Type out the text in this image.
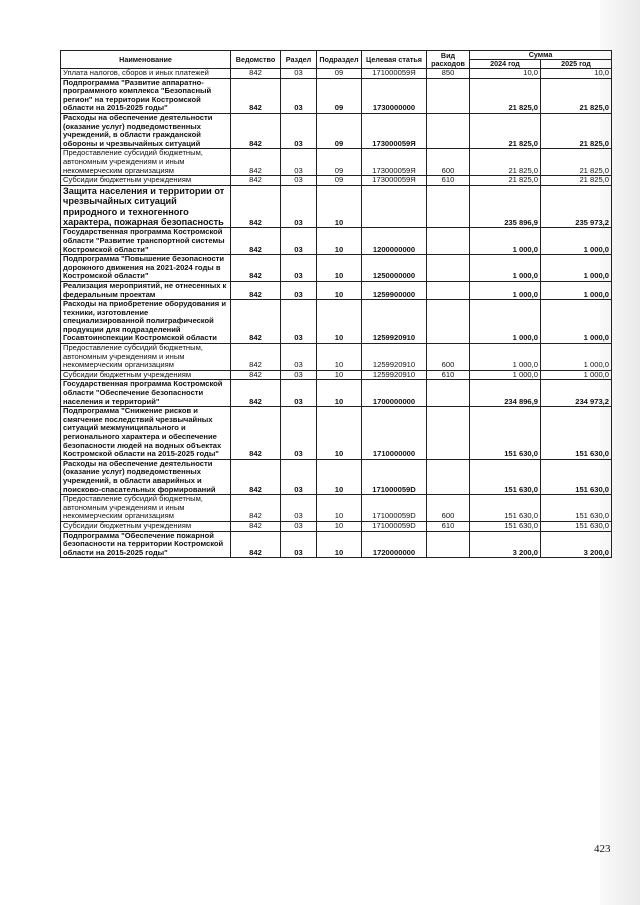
Наименование	Ведомство	Раздел	Подраздел	Целевая статья	Вид расходов	Сумма	
						2024 год	2025 год
Уплата налогов, сборов и иных платежей	842	03	09	171000059Я	850	10,0	10,0
Подпрограмма "Развитие аппаратно-программного комплекса "Безопасный регион" на территории Костромской области на 2015-2025 годы"	842	03	09	1730000000		21 825,0	21 825,0
Расходы на обеспечение деятельности (оказание услуг) подведомственных учреждений, в области гражданской обороны и чрезвычайных ситуаций	842	03	09	173000059Я		21 825,0	21 825,0
Предоставление субсидий бюджетным, автономным учреждениям и иным некоммерческим организациям	842	03	09	173000059Я	600	21 825,0	21 825,0
Субсидии бюджетным учреждениям	842	03	09	173000059Я	610	21 825,0	21 825,0
Защита населения и территории от чрезвычайных ситуаций природного и техногенного характера, пожарная безопасность	842	03	10			235 896,9	235 973,2
Государственная программа Костромской области "Развитие транспортной системы Костромской области"	842	03	10	1200000000		1 000,0	1 000,0
Подпрограмма "Повышение безопасности дорожного движения на 2021-2024 годы в Костромской области"	842	03	10	1250000000		1 000,0	1 000,0
Реализация мероприятий, не отнесенных к федеральным проектам	842	03	10	1259900000		1 000,0	1 000,0
Расходы на приобретение оборудования и техники, изготовление специализированной полиграфической продукции для подразделений Госавтоинспекции Костромской области	842	03	10	1259920910		1 000,0	1 000,0
Предоставление субсидий бюджетным, автономным учреждениям и иным некоммерческим организациям	842	03	10	1259920910	600	1 000,0	1 000,0
Субсидии бюджетным учреждениям	842	03	10	1259920910	610	1 000,0	1 000,0
Государственная программа Костромской области "Обеспечение безопасности населения и территорий"	842	03	10	1700000000		234 896,9	234 973,2
Подпрограмма "Снижение рисков и смягчение последствий чрезвычайных ситуаций межмуниципального и регионального характера и обеспечение безопасности людей на водных объектах Костромской области на 2015-2025 годы"	842	03	10	1710000000		151 630,0	151 630,0
Расходы на обеспечение деятельности (оказание услуг) подведомственных учреждений, в области аварийных и поисково-спасательных формирований	842	03	10	171000059D		151 630,0	151 630,0
Предоставление субсидий бюджетным, автономным учреждениям и иным некоммерческим организациям	842	03	10	171000059D	600	151 630,0	151 630,0
Субсидии бюджетным учреждениям	842	03	10	171000059D	610	151 630,0	151 630,0
Подпрограмма "Обеспечение пожарной безопасности на территории Костромской области на 2015-2025 годы"	842	03	10	1720000000		3 200,0	3 200,0
423
